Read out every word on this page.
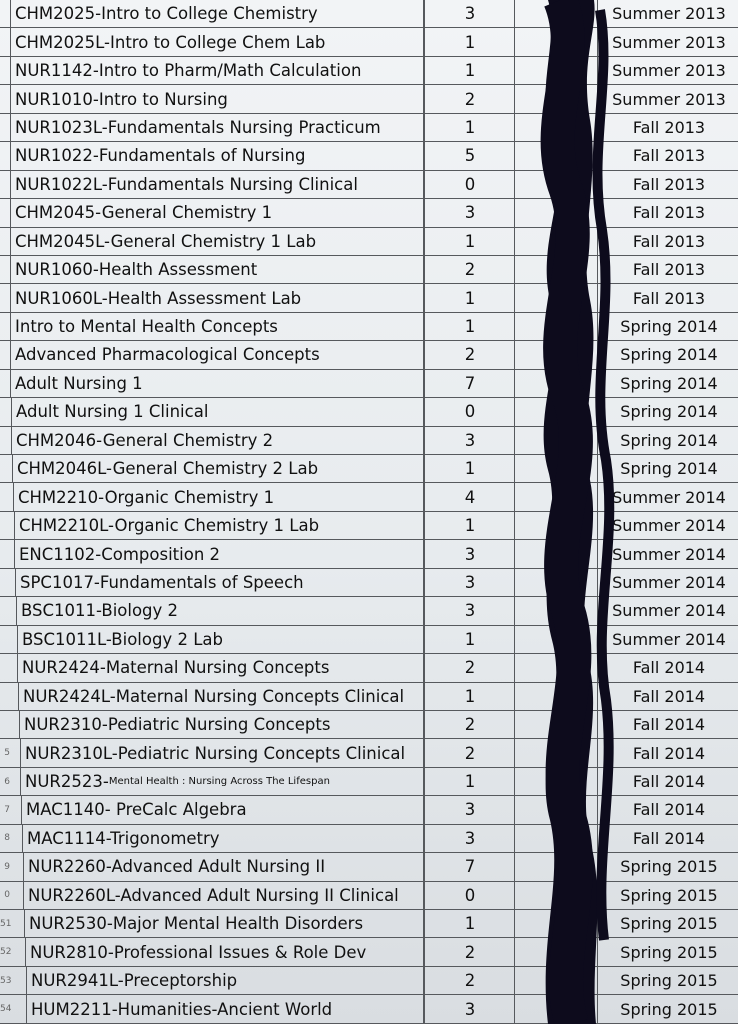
CHM2025-Intro to College Chemistry	3	Summer 2013
CHM2025L-Intro to College Chem Lab	1	Summer 2013
NUR1142-Intro to Pharm/Math Calculation	1	Summer 2013
NUR1010-Intro to Nursing	2	Summer 2013
NUR1023L-Fundamentals Nursing Practicum	1	Fall 2013
NUR1022-Fundamentals of Nursing	5	Fall 2013
NUR1022L-Fundamentals Nursing Clinical	0	Fall 2013
CHM2045-General Chemistry 1	3	Fall 2013
CHM2045L-General Chemistry 1 Lab	1	Fall 2013
NUR1060-Health Assessment	2	Fall 2013
NUR1060L-Health Assessment Lab	1	Fall 2013
Intro to Mental Health Concepts	1	Spring 2014
Advanced Pharmacological Concepts	2	Spring 2014
Adult Nursing 1	7	Spring 2014
Adult Nursing 1 Clinical	0	Spring 2014
CHM2046-General Chemistry 2	3	Spring 2014
CHM2046L-General Chemistry 2 Lab	1	Spring 2014
CHM2210-Organic Chemistry 1	4	Summer 2014
CHM2210L-Organic Chemistry 1 Lab	1	Summer 2014
ENC1102-Composition 2	3	Summer 2014
SPC1017-Fundamentals of Speech	3	Summer 2014
BSC1011-Biology 2	3	Summer 2014
BSC1011L-Biology 2 Lab	1	Summer 2014
NUR2424-Maternal Nursing Concepts	2	Fall 2014
NUR2424L-Maternal Nursing Concepts Clinical	1	Fall 2014
NUR2310-Pediatric Nursing Concepts	2	Fall 2014
5 NUR2310L-Pediatric Nursing Concepts Clinical	2	Fall 2014
6 NUR2523- Mental Health : Nursing Across The Lifespan	1	Fall 2014
7 MAC1140- PreCalc Algebra	3	Fall 2014
8 MAC1114-Trigonometry	3	Fall 2014
9 NUR2260-Advanced Adult Nursing II	7	Spring 2015
0 NUR2260L-Advanced Adult Nursing II Clinical	0	Spring 2015
51 NUR2530-Major Mental Health Disorders	1	Spring 2015
52 NUR2810-Professional Issues & Role Dev	2	Spring 2015
53 NUR2941L-Preceptorship	2	Spring 2015
54 HUM2211-Humanities-Ancient World	3	Spring 2015
